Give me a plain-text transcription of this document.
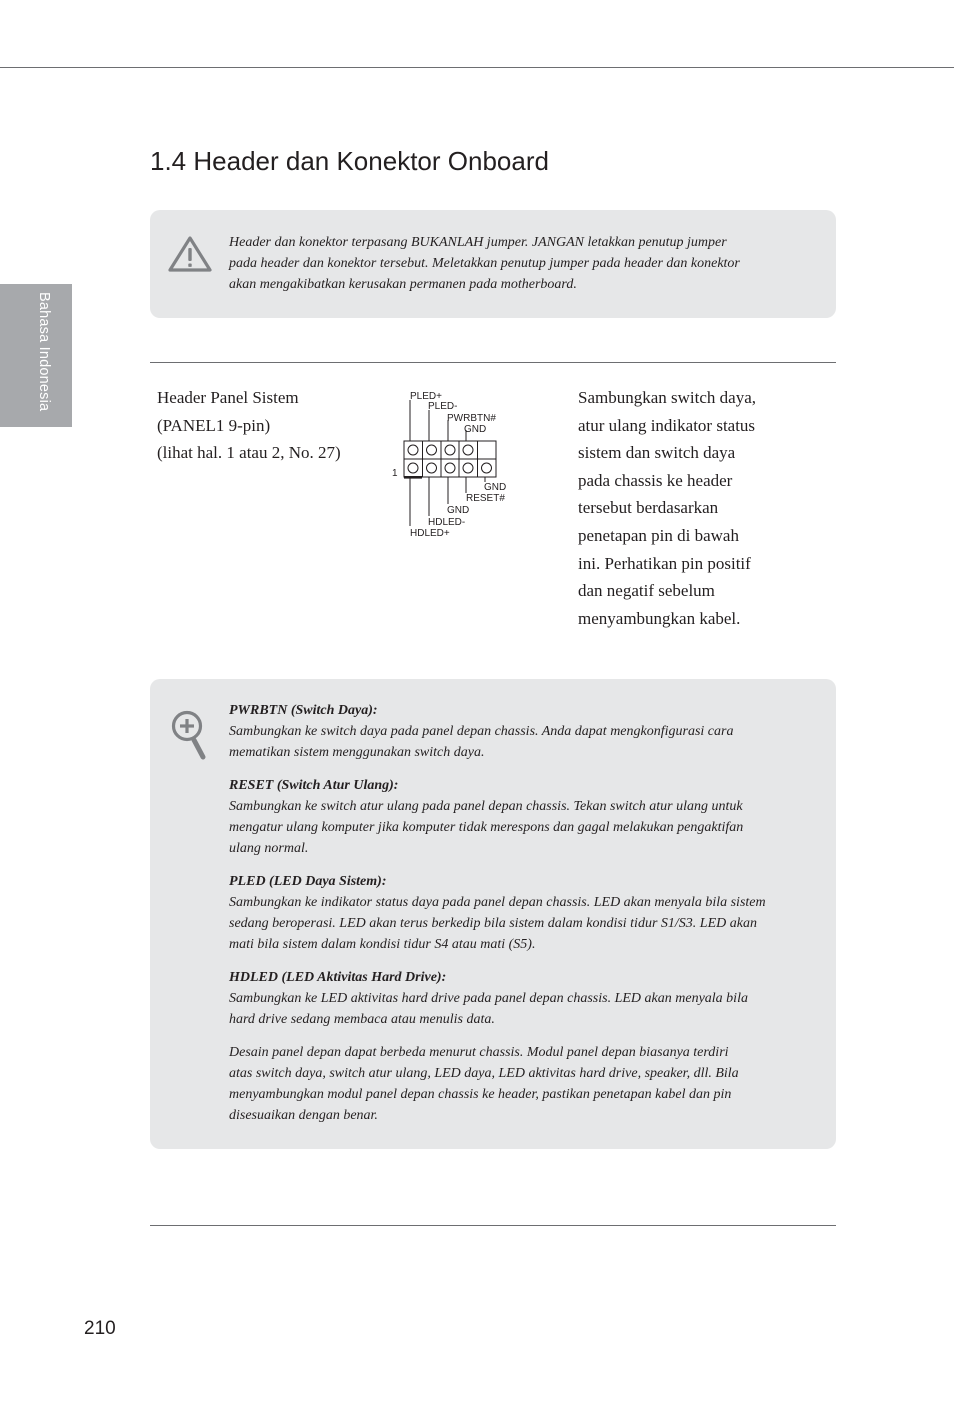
Bahasa Indonesia
1.4 Header dan Konektor Onboard
Header dan konektor terpasang BUKANLAH jumper. JANGAN letakkan penutup jumper
pada header dan konektor tersebut. Meletakkan penutup jumper pada header dan konektor
akan mengakibatkan kerusakan permanen pada motherboard.
Header Panel Sistem
(PANEL1 9-pin)
(lihat hal. 1 atau 2, No. 27)
PLED+
PLED-
PWRBTN#
GND
1
GND
RESET#
GND
HDLED-
HDLED+
Sambungkan switch daya,
atur ulang indikator status
sistem dan switch daya
pada chassis ke header
tersebut berdasarkan
penetapan pin di bawah
ini. Perhatikan pin positif
dan negatif sebelum
menyambungkan kabel.
PWRBTN (Switch Daya):
Sambungkan ke switch daya pada panel depan chassis. Anda dapat mengkonfigurasi cara
mematikan sistem menggunakan switch daya.
RESET (Switch Atur Ulang):
Sambungkan ke switch atur ulang pada panel depan chassis. Tekan switch atur ulang untuk
mengatur ulang komputer jika komputer tidak merespons dan gagal melakukan pengaktifan
ulang normal.
PLED (LED Daya Sistem):
Sambungkan ke indikator status daya pada panel depan chassis. LED akan menyala bila sistem
sedang beroperasi. LED akan terus berkedip bila sistem dalam kondisi tidur S1/S3. LED akan
mati bila sistem dalam kondisi tidur S4 atau mati (S5).
HDLED (LED Aktivitas Hard Drive):
Sambungkan ke LED aktivitas hard drive pada panel depan chassis. LED akan menyala bila
hard drive sedang membaca atau menulis data.
Desain panel depan dapat berbeda menurut chassis. Modul panel depan biasanya terdiri
atas switch daya, switch atur ulang, LED daya, LED aktivitas hard drive, speaker, dll. Bila
menyambungkan modul panel depan chassis ke header, pastikan penetapan kabel dan pin
disesuaikan dengan benar.
210
